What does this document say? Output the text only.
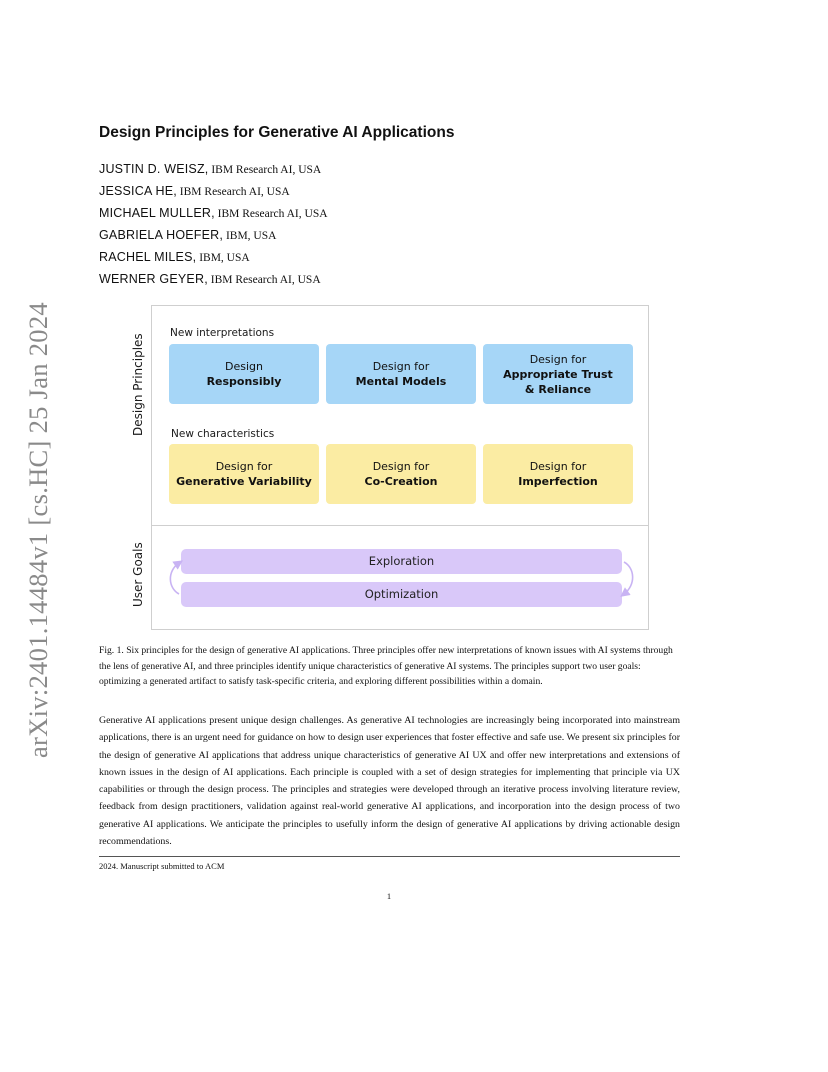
arXiv:2401.14484v1 [cs.HC] 25 Jan 2024
Design Principles for Generative AI Applications
JUSTIN D. WEISZ, IBM Research AI, USA
JESSICA HE, IBM Research AI, USA
MICHAEL MULLER, IBM Research AI, USA
GABRIELA HOEFER, IBM, USA
RACHEL MILES, IBM, USA
WERNER GEYER, IBM Research AI, USA
Design Principles
User Goals
New interpretations
New characteristics
Design
Responsibly
Design for
Mental Models
Design for
Appropriate Trust
& Reliance
Design for
Generative Variability
Design for
Co-Creation
Design for
Imperfection
Exploration
Optimization
Fig. 1. Six principles for the design of generative AI applications. Three principles offer new interpretations of known issues with AI systems through the lens of generative AI, and three principles identify unique characteristics of generative AI systems. The principles support two user goals: optimizing a generated artifact to satisfy task-specific criteria, and exploring different possibilities within a domain.
Generative AI applications present unique design challenges. As generative AI technologies are increasingly being incorporated into mainstream applications, there is an urgent need for guidance on how to design user experiences that foster effective and safe use. We present six principles for the design of generative AI applications that address unique characteristics of generative AI UX and offer new interpretations and extensions of known issues in the design of AI applications. Each principle is coupled with a set of design strategies for implementing that principle via UX capabilities or through the design process. The principles and strategies were developed through an iterative process involving literature review, feedback from design practitioners, validation against real-world generative AI applications, and incorporation into the design process of two generative AI applications. We anticipate the principles to usefully inform the design of generative AI applications by driving actionable design recommendations.
2024. Manuscript submitted to ACM
1
